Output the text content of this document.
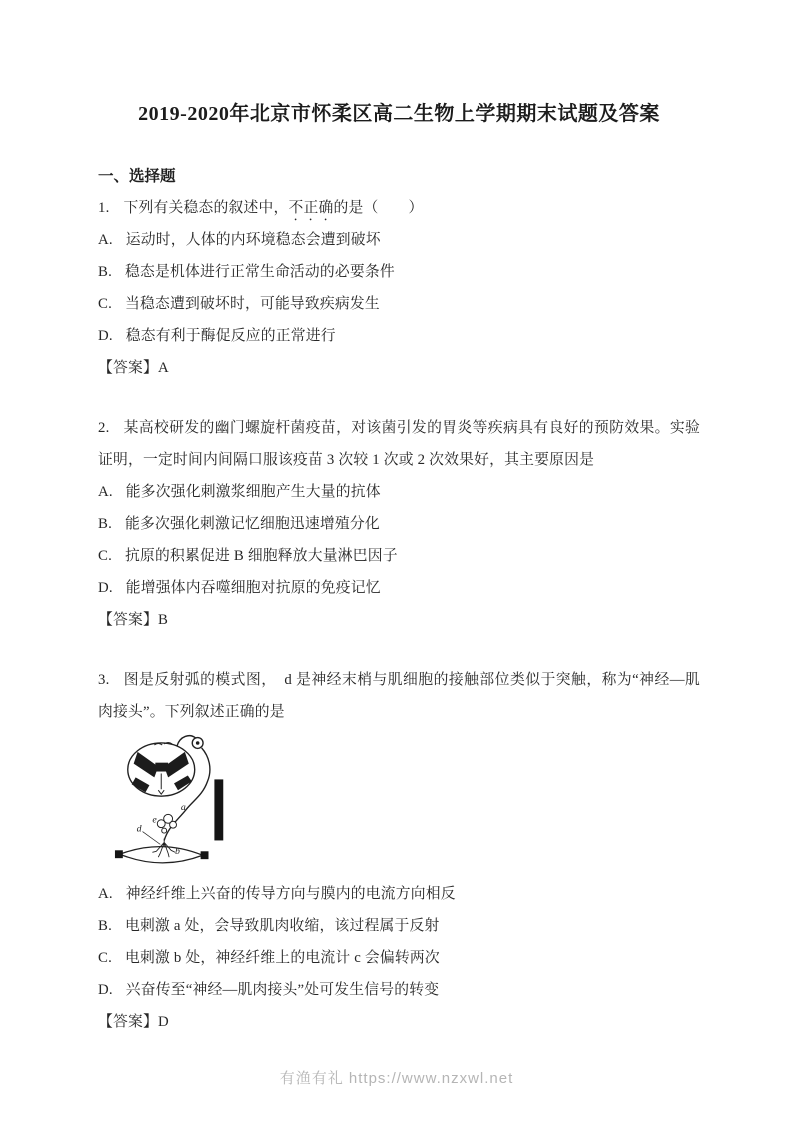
2019-2020年北京市怀柔区高二生物上学期期末试题及答案

一、选择题

1. 下列有关稳态的叙述中，不正确的是（　　）

A. 运动时，人体的内环境稳态会遭到破坏

B. 稳态是机体进行正常生命活动的必要条件

C. 当稳态遭到破坏时，可能导致疾病发生

D. 稳态有利于酶促反应的正常进行

【答案】A

2. 某高校研发的幽门螺旋杆菌疫苗，对该菌引发的胃炎等疾病具有良好的预防效果。实验证明，一定时间内间隔口服该疫苗 3 次较 1 次或 2 次效果好，其主要原因是

A. 能多次强化刺激浆细胞产生大量的抗体

B. 能多次强化刺激记忆细胞迅速增殖分化

C. 抗原的积累促进 B 细胞释放大量淋巴因子

D. 能增强体内吞噬细胞对抗原的免疫记忆

【答案】B

3. 图是反射弧的模式图，　d 是神经末梢与肌细胞的接触部位类似于突触，称为“神经—肌肉接头”。下列叙述正确的是

a
b
d
e

A. 神经纤维上兴奋的传导方向与膜内的电流方向相反

B. 电刺激 a 处，会导致肌肉收缩，该过程属于反射

C. 电刺激 b 处，神经纤维上的电流计 c 会偏转两次

D. 兴奋传至“神经—肌肉接头”处可发生信号的转变

【答案】D

有渔有礼 https://www.nzxwl.net
